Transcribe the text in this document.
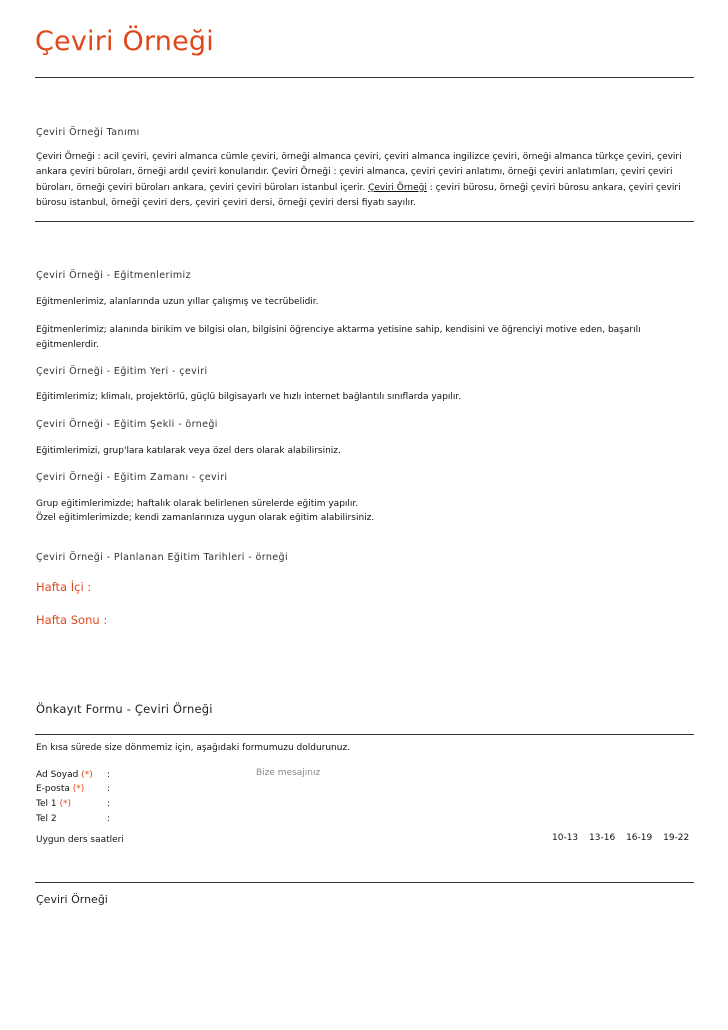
Çeviri Örneği
Çeviri Örneği Tanımı
Çeviri Örneği : acil çeviri, çeviri almanca cümle çeviri, örneği almanca çeviri, çeviri almanca ingilizce çeviri, örneği almanca türkçe çeviri, çeviri ankara çeviri büroları, örneği ardıl çeviri konularıdır. Çeviri Örneği : çeviri almanca, çeviri çeviri anlatımı, örneği çeviri anlatımları, çeviri çeviri büroları, örneği çeviri büroları ankara, çeviri çeviri büroları istanbul içerir. Çeviri Örneği : çeviri bürosu, örneği çeviri bürosu ankara, çeviri çeviri bürosu istanbul, örneği çeviri ders, çeviri çeviri dersi, örneği çeviri dersi fiyatı sayılır.
Çeviri Örneği - Eğitmenlerimiz
Eğitmenlerimiz, alanlarında uzun yıllar çalışmış ve tecrübelidir.
Eğitmenlerimiz; alanında birikim ve bilgisi olan, bilgisini öğrenciye aktarma yetisine sahip, kendisini ve öğrenciyi motive eden, başarılı eğitmenlerdir.
Çeviri Örneği - Eğitim Yeri - çeviri
Eğitimlerimiz; klimalı, projektörlü, güçlü bilgisayarlı ve hızlı internet bağlantılı sınıflarda yapılır.
Çeviri Örneği - Eğitim Şekli - örneği
Eğitimlerimizi, grup'lara katılarak veya özel ders olarak alabilirsiniz.
Çeviri Örneği - Eğitim Zamanı - çeviri
Grup eğitimlerimizde; haftalık olarak belirlenen sürelerde eğitim yapılır.
Özel eğitimlerimizde; kendi zamanlarınıza uygun olarak eğitim alabilirsiniz.
Çeviri Örneği - Planlanan Eğitim Tarihleri - örneği
Hafta İçi :
Hafta Sonu :
Önkayıt Formu - Çeviri Örneği
En kısa sürede size dönmemiz için, aşağıdaki formumuzu doldurunuz.
Ad Soyad (*)	:
E-posta (*)	:
Tel 1 (*)	:
Tel 2	:
Bize mesajınız
Uygun ders saatleri	10-13 13-16 16-19 19-22
Çeviri Örneği
